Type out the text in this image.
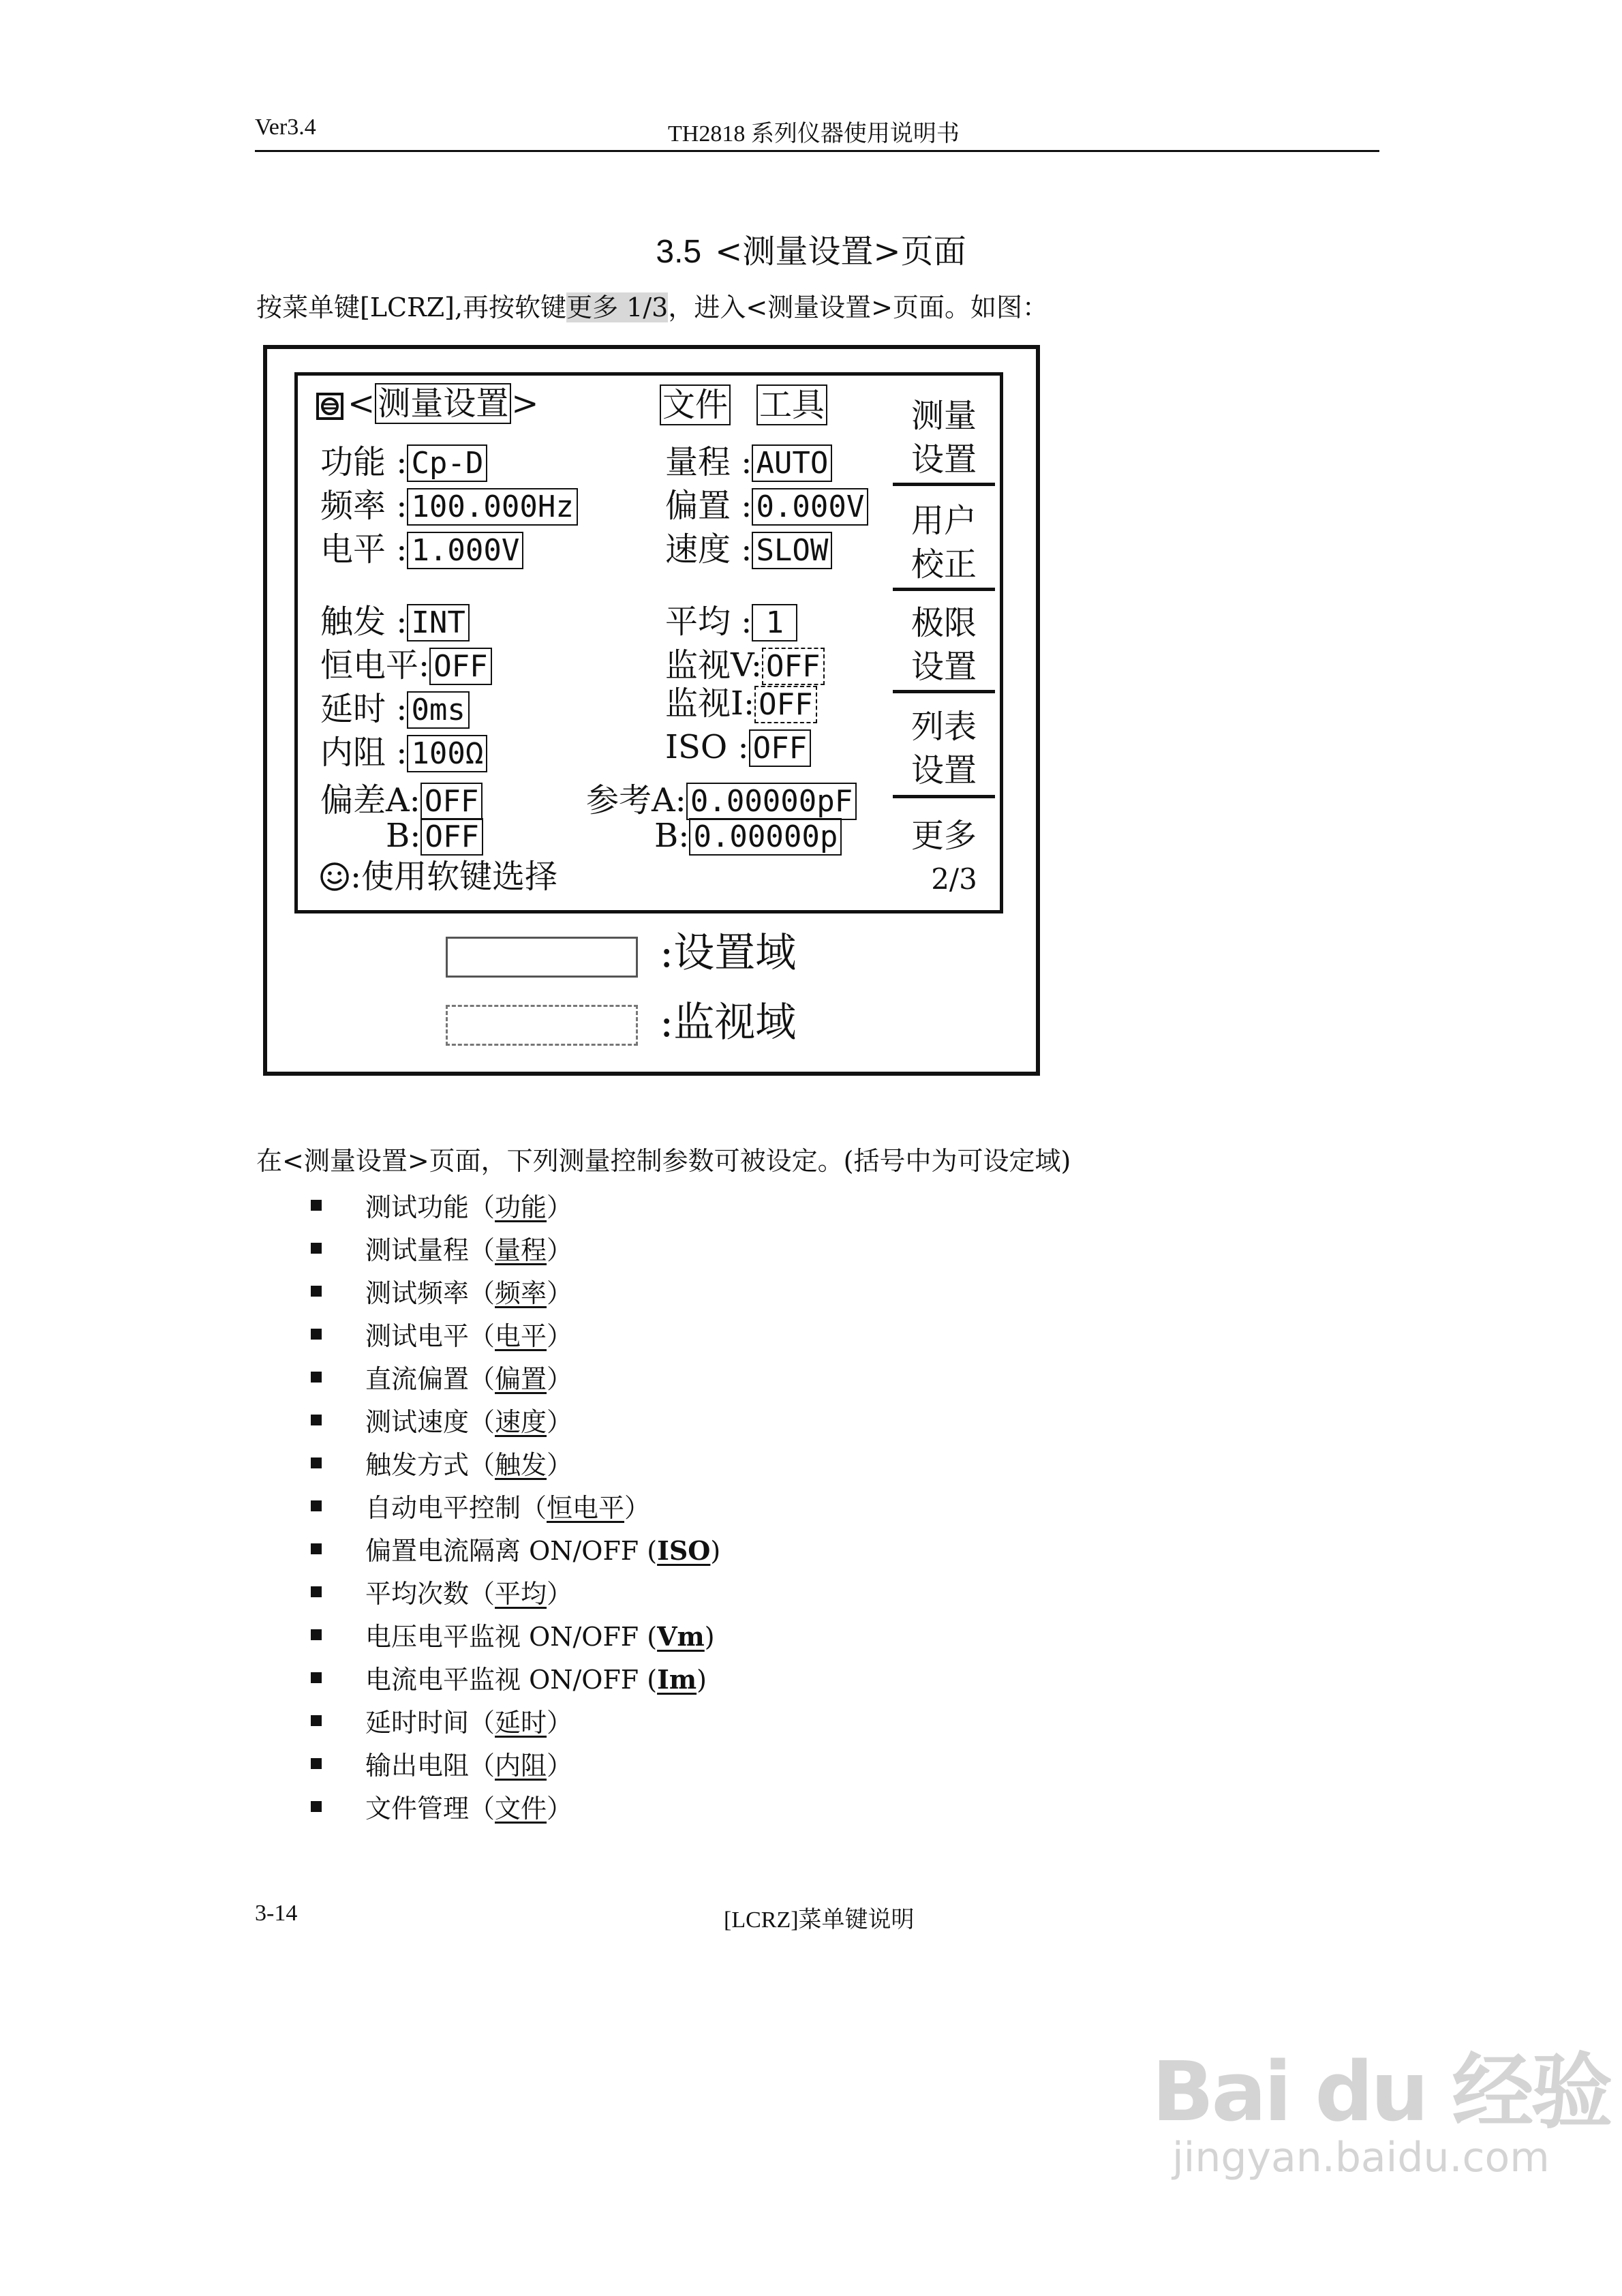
Ver3.4	TH2818 系列仪器使用说明书
3.5 <测量设置>页面
按菜单键[LCRZ],再按软键更多 1/3，进入<测量设置>页面。如图：
<测量设置>	文件 工具
功能 : Cp-D
频率 : 100.000Hz
电平 : 1.000V
触发 : INT
恒电平: OFF
延时 : 0ms
内阻 : 100Ω
偏差A: OFF
B: OFF
量程 : AUTO
偏置 : 0.000V
速度 : SLOW
平均 : 1
监视V: OFF
监视I: OFF
ISO : OFF
参考A: 0.00000pF
B: 0.00000p
:使用软键选择
测量
设置
用户
校正
极限
设置
列表
设置
更多
2/3
:设置域
:监视域
在<测量设置>页面，下列测量控制参数可被设定。(括号中为可设定域)
测试功能（功能）
测试量程（量程）
测试频率（频率）
测试电平（电平）
直流偏置（偏置）
测试速度（速度）
触发方式（触发）
自动电平控制（恒电平）
偏置电流隔离 ON/OFF (ISO)
平均次数（平均）
电压电平监视 ON/OFF (Vm)
电流电平监视 ON/OFF (Im)
延时时间（延时）
输出电阻（内阻）
文件管理（文件）
3-14	[LCRZ]菜单键说明
Bai du 经验
jingyan.baidu.com
